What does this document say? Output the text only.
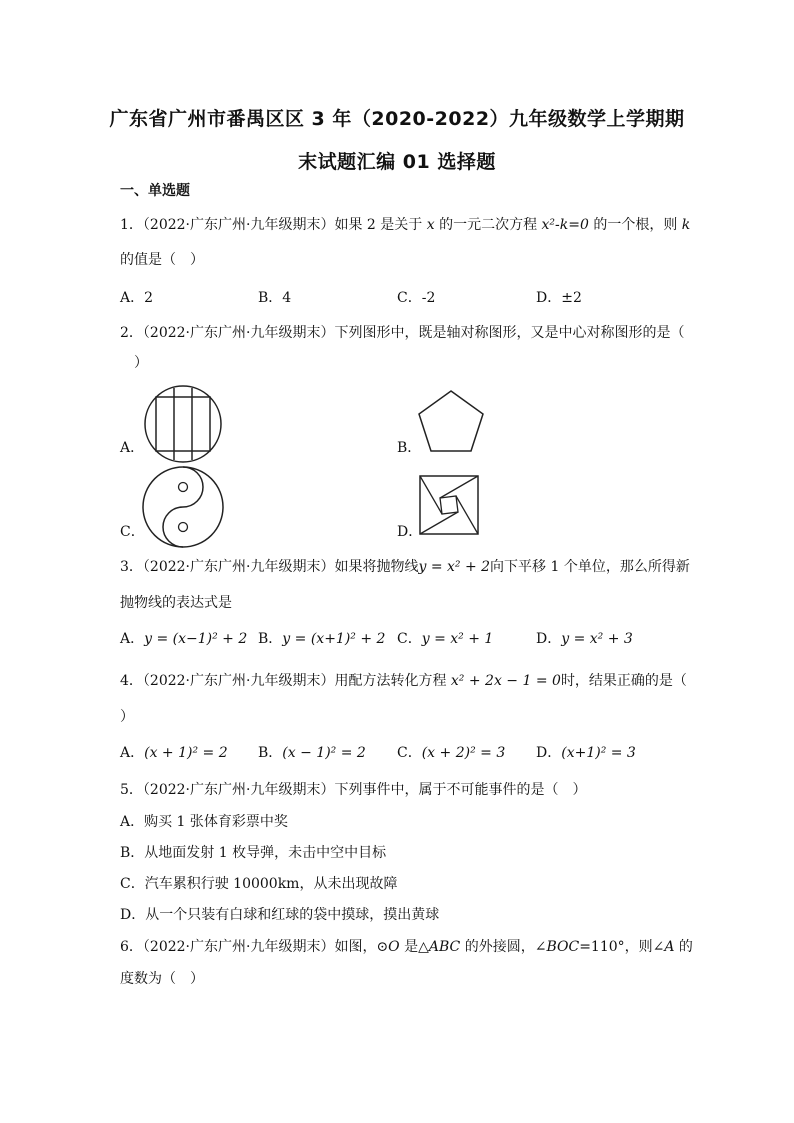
广东省广州市番禺区区 3 年（2020-2022）九年级数学上学期期
末试题汇编 01 选择题
一、单选题
1．（2022·广东广州·九年级期末）如果 2 是关于 x 的一元二次方程 x²-k=0 的一个根，则 k
的值是（　）
A．2	B．4	C．-2	D．±2
2．（2022·广东广州·九年级期末）下列图形中，既是轴对称图形，又是中心对称图形的是（
　）
A．	B．
C．	D．
3．（2022·广东广州·九年级期末）如果将抛物线y = x² + 2向下平移 1 个单位，那么所得新
抛物线的表达式是
A．y = (x−1)² + 2 B．y = (x+1)² + 2 C．y = x² + 1	D．y = x² + 3
4．（2022·广东广州·九年级期末）用配方法转化方程 x² + 2x − 1 = 0时，结果正确的是（
）
A．(x + 1)² = 2 B．(x − 1)² = 2 C．(x + 2)² = 3 D．(x+1)² = 3
5．（2022·广东广州·九年级期末）下列事件中，属于不可能事件的是（　）
A．购买 1 张体育彩票中奖
B．从地面发射 1 枚导弹，未击中空中目标
C．汽车累积行驶 10000km，从未出现故障
D．从一个只装有白球和红球的袋中摸球，摸出黄球
6．（2022·广东广州·九年级期末）如图，⊙O 是△ABC 的外接圆，∠BOC=110°，则∠A 的
度数为（　）
